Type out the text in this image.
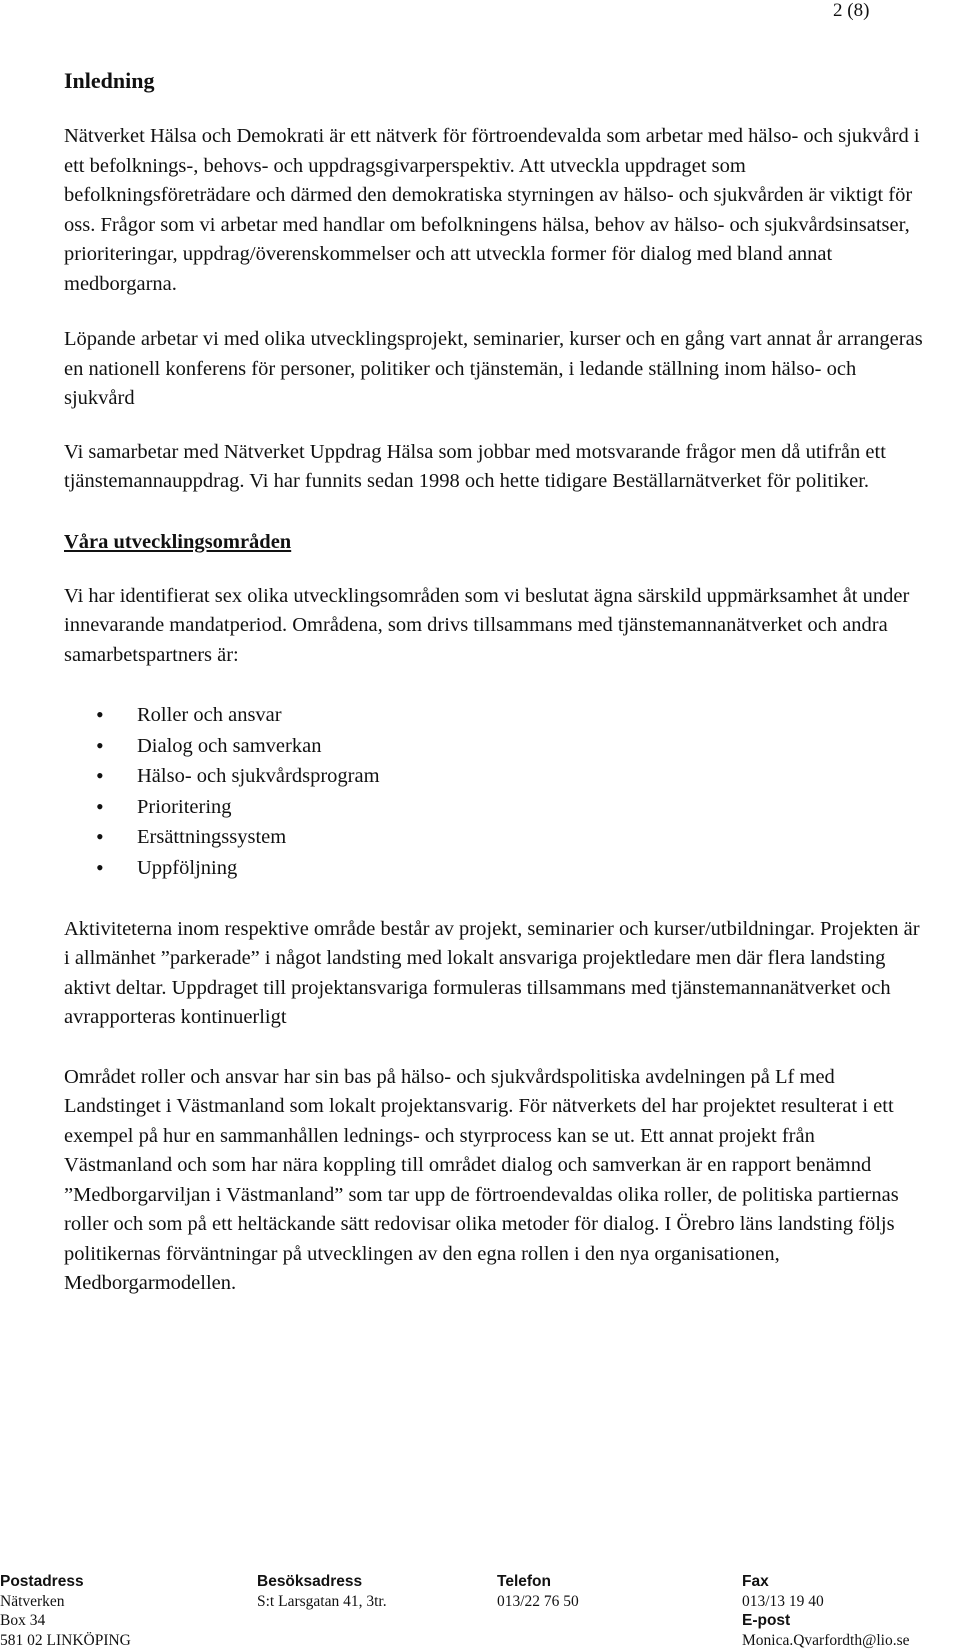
2 (8)
Inledning

Nätverket Hälsa och Demokrati är ett nätverk för förtroendevalda som arbetar med hälso- och sjukvård i ett befolknings-, behovs- och uppdragsgivarperspektiv. Att utveckla uppdraget som befolkningsföreträdare och därmed den demokratiska styrningen av hälso- och sjukvården är viktigt för oss. Frågor som vi arbetar med handlar om befolkningens hälsa, behov av hälso- och sjukvårdsinsatser, prioriteringar, uppdrag/överenskommelser och att utveckla former för dialog med bland annat medborgarna.

Löpande arbetar vi med olika utvecklingsprojekt, seminarier, kurser och en gång vart annat år arrangeras en nationell konferens för personer, politiker och tjänstemän, i ledande ställning inom hälso- och sjukvård

Vi samarbetar med Nätverket Uppdrag Hälsa som jobbar med motsvarande frågor men då utifrån ett tjänstemannauppdrag. Vi har funnits sedan 1998 och hette tidigare Beställarnätverket för politiker.

Våra utvecklingsområden

Vi har identifierat sex olika utvecklingsområden som vi beslutat ägna särskild uppmärksamhet åt under innevarande mandatperiod. Områdena, som drivs tillsammans med tjänstemannanätverket och andra samarbetspartners är:

• Roller och ansvar
• Dialog och samverkan
• Hälso- och sjukvårdsprogram
• Prioritering
• Ersättningssystem
• Uppföljning

Aktiviteterna inom respektive område består av projekt, seminarier och kurser/utbildningar. Projekten är i allmänhet ”parkerade” i något landsting med lokalt ansvariga projektledare men där flera landsting aktivt deltar. Uppdraget till projektansvariga formuleras tillsammans med tjänstemannanätverket och avrapporteras kontinuerligt

Området roller och ansvar har sin bas på hälso- och sjukvårdspolitiska avdelningen på Lf med Landstinget i Västmanland som lokalt projektansvarig. För nätverkets del har projektet resulterat i ett exempel på hur en sammanhållen lednings- och styrprocess kan se ut. Ett annat projekt från Västmanland och som har nära koppling till området dialog och samverkan är en rapport benämnd ”Medborgarviljan i Västmanland” som tar upp de förtroendevaldas olika roller, de politiska partiernas roller och som på ett heltäckande sätt redovisar olika metoder för dialog. I Örebro läns landsting följs politikernas förväntningar på utvecklingen av den egna rollen i den nya organisationen, Medborgarmodellen.

Postadress
Nätverken
Box 34
581 02 LINKÖPING
Besöksadress
S:t Larsgatan 41, 3tr.
Telefon
013/22 76 50
Fax
013/13 19 40
E-post
Monica.Qvarfordth@lio.se
